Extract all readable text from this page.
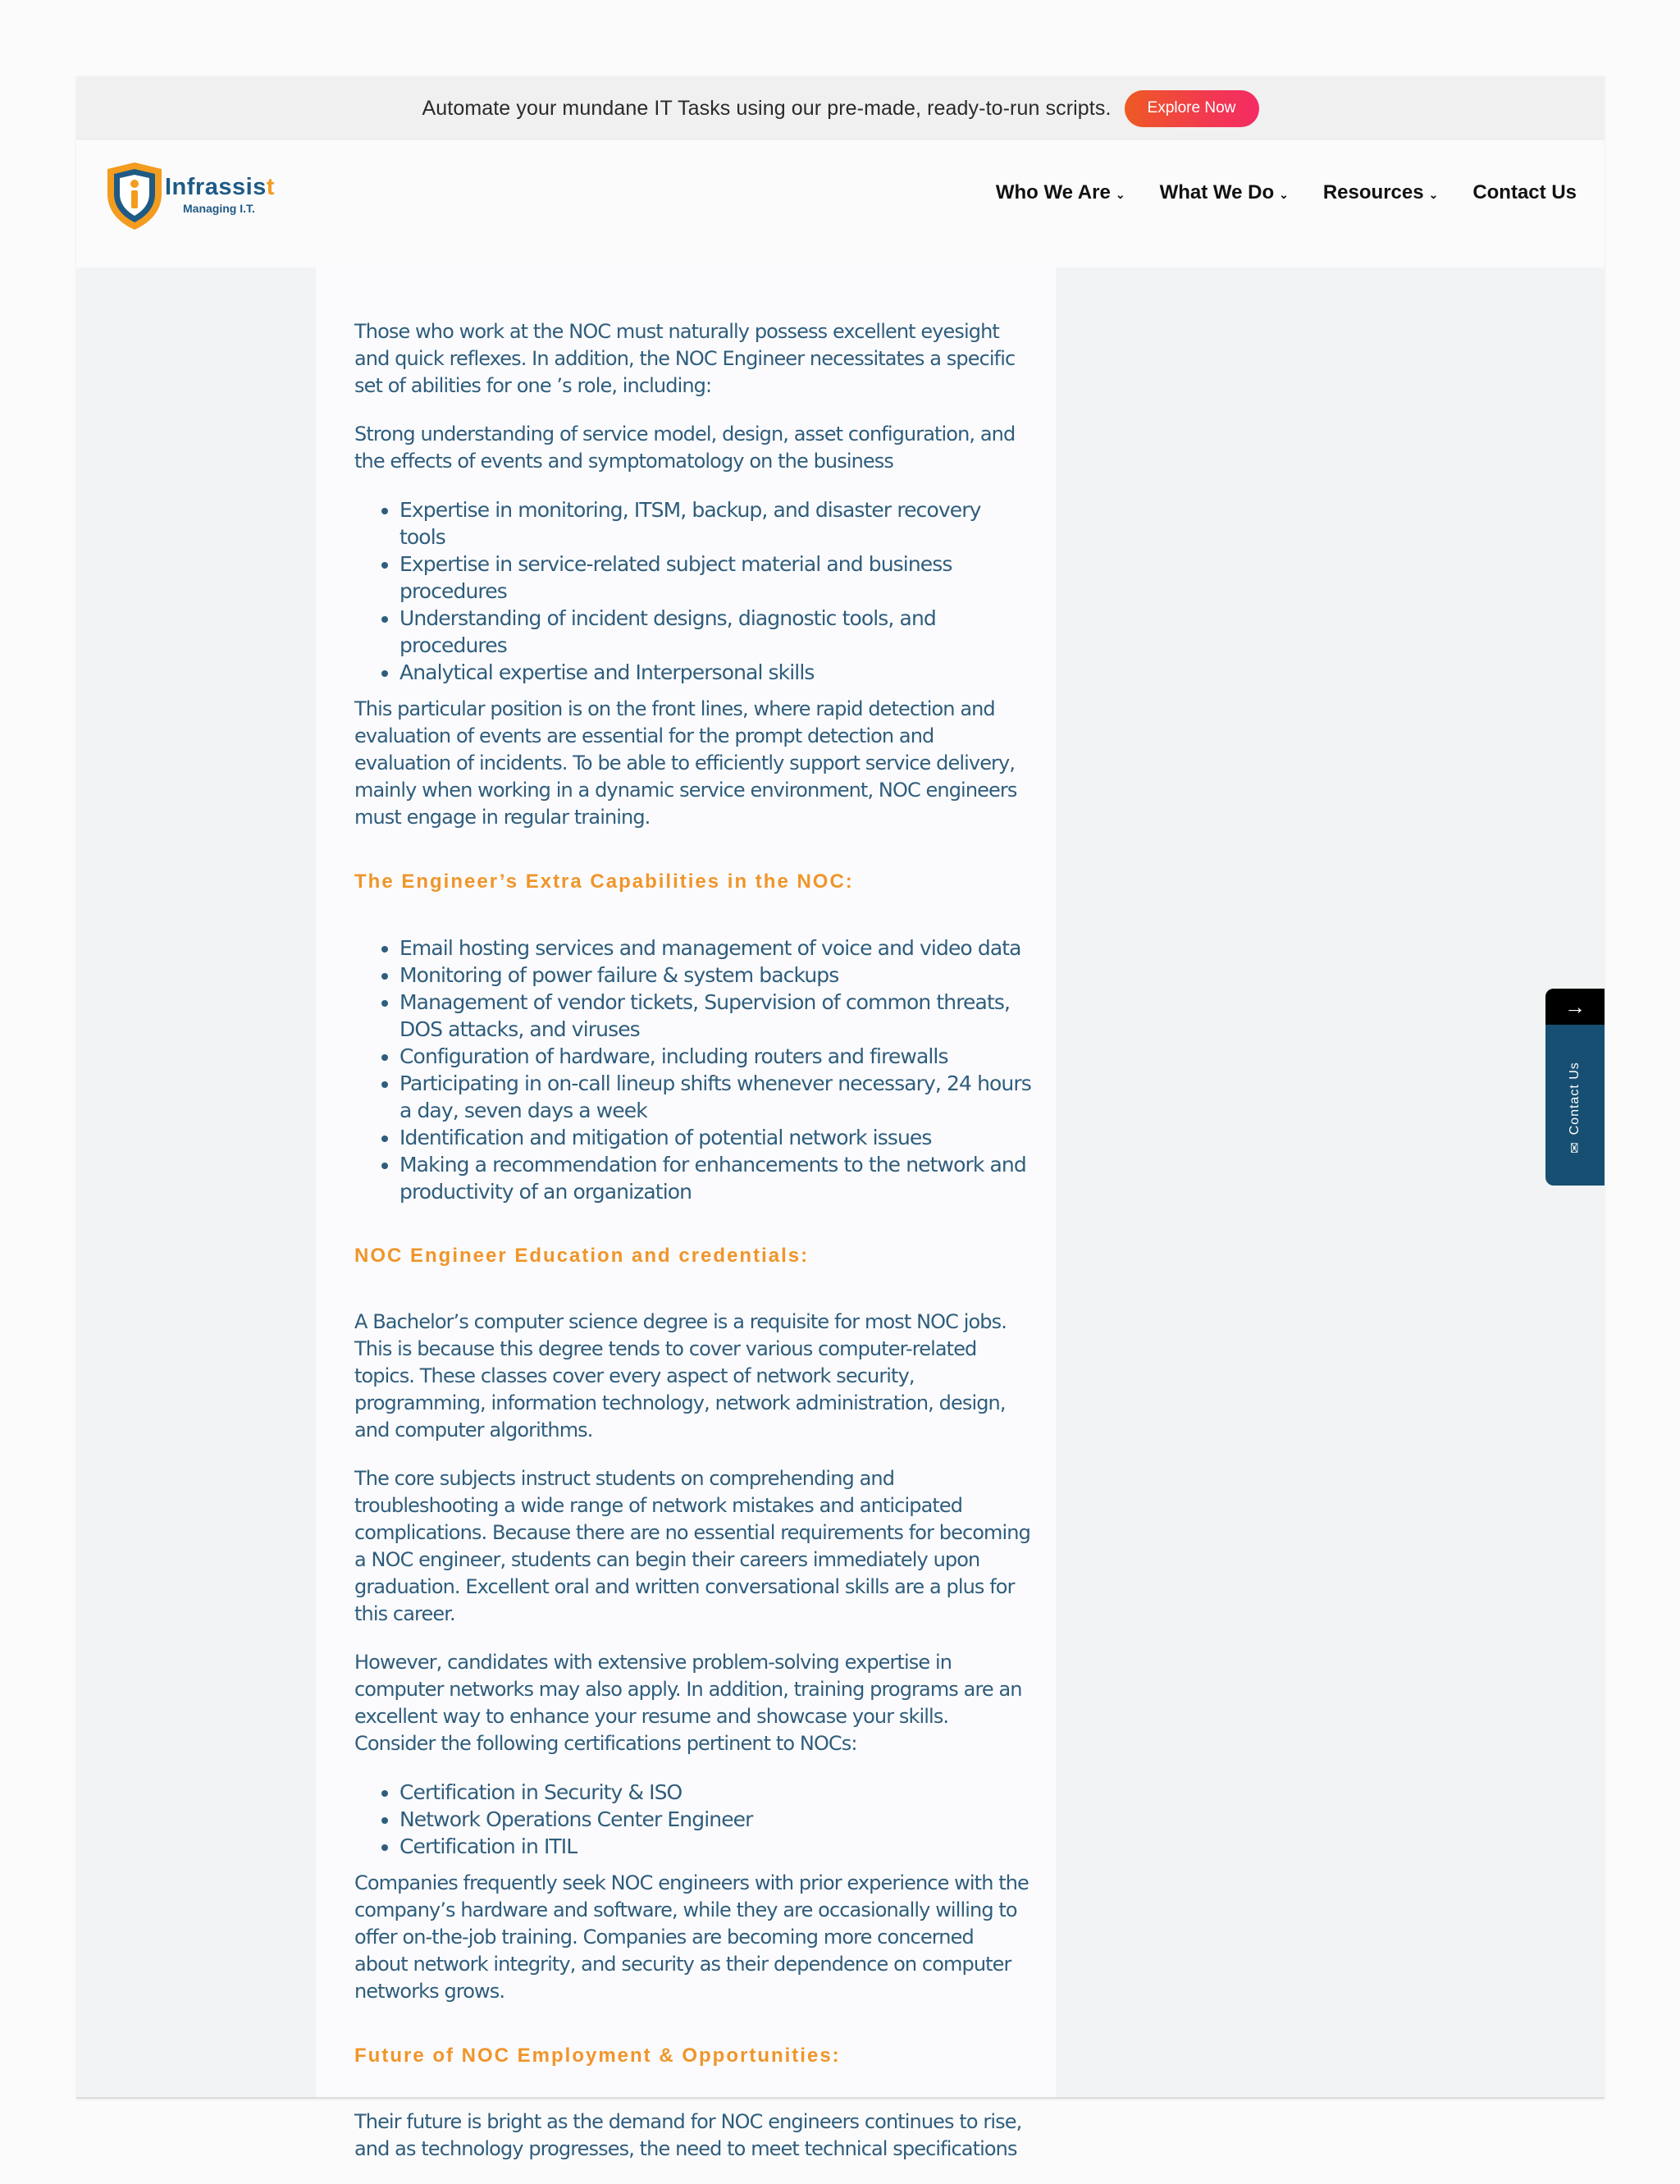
Automate your mundane IT Tasks using our pre-made, ready-to-run scripts.	Explore Now
Infrassist
Managing I.T.
Who We Are ⌄ What We Do ⌄ Resources ⌄ Contact Us

Those who work at the NOC must naturally possess excellent eyesight and quick reflexes. In addition, the NOC Engineer necessitates a specific set of abilities for one ’s role, including:

Strong understanding of service model, design, asset configuration, and the effects of events and symptomatology on the business

• Expertise in monitoring, ITSM, backup, and disaster recovery tools
• Expertise in service-related subject material and business procedures
• Understanding of incident designs, diagnostic tools, and procedures
• Analytical expertise and Interpersonal skills

This particular position is on the front lines, where rapid detection and evaluation of events are essential for the prompt detection and evaluation of incidents. To be able to efficiently support service delivery, mainly when working in a dynamic service environment, NOC engineers must engage in regular training.

The Engineer’s Extra Capabilities in the NOC:
• Email hosting services and management of voice and video data
• Monitoring of power failure & system backups
• Management of vendor tickets, Supervision of common threats, DOS attacks, and viruses
• Configuration of hardware, including routers and firewalls
• Participating in on-call lineup shifts whenever necessary, 24 hours a day, seven days a week
• Identification and mitigation of potential network issues
• Making a recommendation for enhancements to the network and productivity of an organization
NOC Engineer Education and credentials:

A Bachelor’s computer science degree is a requisite for most NOC jobs. This is because this degree tends to cover various computer-related topics. These classes cover every aspect of network security, programming, information technology, network administration, design, and computer algorithms.

The core subjects instruct students on comprehending and troubleshooting a wide range of network mistakes and anticipated complications. Because there are no essential requirements for becoming a NOC engineer, students can begin their careers immediately upon graduation. Excellent oral and written conversational skills are a plus for this career.

However, candidates with extensive problem-solving expertise in computer networks may also apply. In addition, training programs are an excellent way to enhance your resume and showcase your skills. Consider the following certifications pertinent to NOCs:

• Certification in Security & ISO
• Network Operations Center Engineer
• Certification in ITIL

Companies frequently seek NOC engineers with prior experience with the company’s hardware and software, while they are occasionally willing to offer on-the-job training. Companies are becoming more concerned about network integrity, and security as their dependence on computer networks grows.

Future of NOC Employment & Opportunities:

Their future is bright as the demand for NOC engineers continues to rise, and as technology progresses, the need to meet technical specifications

→
✉
Contact Us
